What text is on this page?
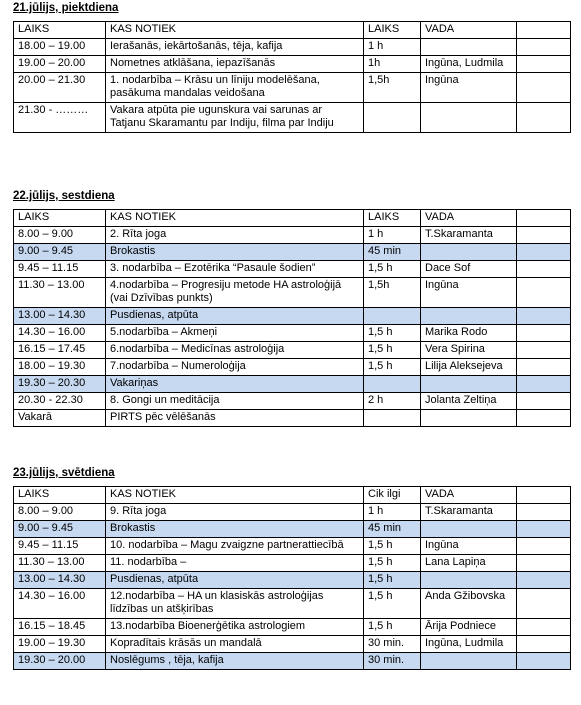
21.jūlijs, piektdiena
LAIKS	KAS NOTIEK	LAIKS	VADA	
18.00 – 19.00	Ierašanās, iekārtošanās, tēja, kafija	1 h		
19.00 – 20.00	Nometnes atklāšana, iepazīšanās	1h	Ingūna, Ludmila	
20.00 – 21.30	1. nodarbība – Krāsu un līniju modelēšana, pasākuma mandalas veidošana	1,5h	Ingūna	
21.30 - ………	Vakara atpūta pie ugunskura vai sarunas ar Tatjanu Skaramantu par Indiju, filma par Indiju			
22.jūlijs, sestdiena
LAIKS	KAS NOTIEK	LAIKS	VADA	
8.00 – 9.00	2. Rīta joga	1 h	T.Skaramanta	
9.00 – 9.45	Brokastis	45 min		
9.45 – 11.15	3. nodarbība – Ezotērika “Pasaule šodien”	1,5 h	Dace Sof	
11.30 – 13.00	4.nodarbība – Progresiju metode HA astroloģijā (vai Dzīvības punkts)	1,5h	Ingūna	
13.00 – 14.30	Pusdienas, atpūta			
14.30 – 16.00	5.nodarbība – Akmeņi	1,5 h	Marika Rodo	
16.15 – 17.45	6.nodarbība – Medicīnas astroloģija	1,5 h	Vera Spirina	
18.00 – 19.30	7.nodarbība – Numeroloģija	1,5 h	Lilija Aleksejeva	
19.30 – 20.30	Vakariņas			
20.30 - 22.30	8. Gongi un meditācija	2 h	Jolanta Zeltiņa	
Vakarā	PIRTS pēc vēlēšanās			
23.jūlijs, svētdiena
LAIKS	KAS NOTIEK	Cik ilgi	VADA	
8.00 – 9.00	9. Rīta joga	1 h	T.Skaramanta	
9.00 – 9.45	Brokastis	45 min		
9.45 – 11.15	10. nodarbība – Magu zvaigzne partnerattiecībā	1,5 h	Ingūna	
11.30 – 13.00	11. nodarbība –	1,5 h	Lana Lapiņa	
13.00 – 14.30	Pusdienas, atpūta	1,5 h		
14.30 – 16.00	12.nodarbība – HA un klasiskās astroloģijas līdzības un atšķirības	1,5 h	Anda Gžibovska	
16.15 – 18.45	13.nodarbība Bioenerģētika astrologiem	1,5 h	Ārija Podniece	
19.00 – 19.30	Kopradītais krāsās un mandalā	30 min.	Ingūna, Ludmila	
19.30 – 20.00	Noslēgums , tēja, kafija	30 min.		
